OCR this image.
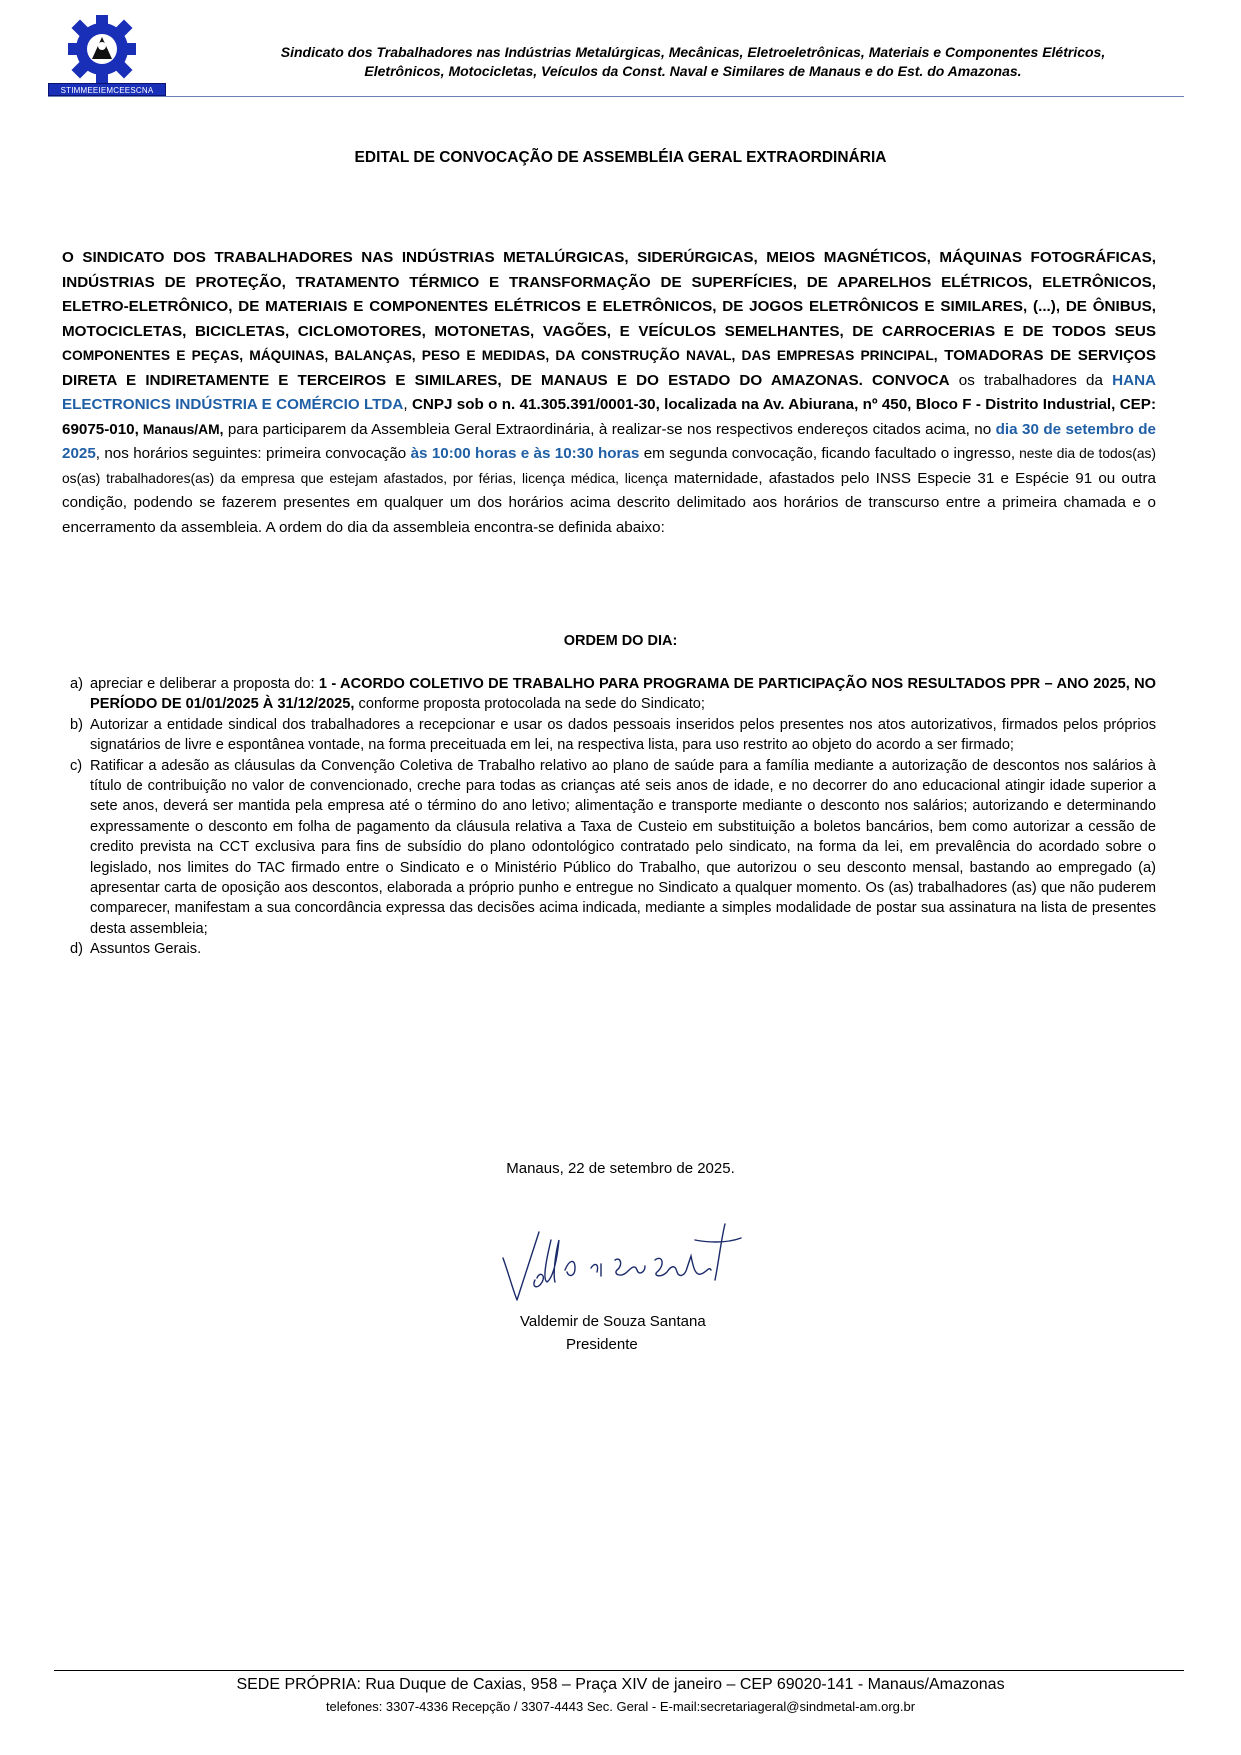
STIMMEEIEMCEESCNA
Sindicato dos Trabalhadores nas Indústrias Metalúrgicas, Mecânicas, Eletroeletrônicas, Materiais e Componentes Elétricos,
Eletrônicos, Motocicletas, Veículos da Const. Naval e Similares de Manaus e do Est. do Amazonas.
EDITAL DE CONVOCAÇÃO DE ASSEMBLÉIA GERAL EXTRAORDINÁRIA
O SINDICATO DOS TRABALHADORES NAS INDÚSTRIAS METALÚRGICAS, SIDERÚRGICAS, MEIOS MAGNÉTICOS, MÁQUINAS FOTOGRÁFICAS, INDÚSTRIAS DE PROTEÇÃO, TRATAMENTO TÉRMICO E TRANSFORMAÇÃO DE SUPERFÍCIES, DE APARELHOS ELÉTRICOS, ELETRÔNICOS, ELETRO-ELETRÔNICO, DE MATERIAIS E COMPONENTES ELÉTRICOS E ELETRÔNICOS, DE JOGOS ELETRÔNICOS E SIMILARES, (...), DE ÔNIBUS, MOTOCICLETAS, BICICLETAS, CICLOMOTORES, MOTONETAS, VAGÕES, E VEÍCULOS SEMELHANTES, DE CARROCERIAS E DE TODOS SEUS COMPONENTES E PEÇAS, MÁQUINAS, BALANÇAS, PESO E MEDIDAS, DA CONSTRUÇÃO NAVAL, DAS EMPRESAS PRINCIPAL, TOMADORAS DE SERVIÇOS DIRETA E INDIRETAMENTE E TERCEIROS E SIMILARES, DE MANAUS E DO ESTADO DO AMAZONAS. CONVOCA os trabalhadores da HANA ELECTRONICS INDÚSTRIA E COMÉRCIO LTDA, CNPJ sob o n. 41.305.391/0001-30, localizada na Av. Abiurana, nº 450, Bloco F - Distrito Industrial, CEP: 69075-010, Manaus/AM, para participarem da Assembleia Geral Extraordinária, à realizar-se nos respectivos endereços citados acima, no dia 30 de setembro de 2025, nos horários seguintes: primeira convocação às 10:00 horas e às 10:30 horas em segunda convocação, ficando facultado o ingresso, neste dia de todos(as) os(as) trabalhadores(as) da empresa que estejam afastados, por férias, licença médica, licença maternidade, afastados pelo INSS Especie 31 e Espécie 91 ou outra condição, podendo se fazerem presentes em qualquer um dos horários acima descrito delimitado aos horários de transcurso entre a primeira chamada e o encerramento da assembleia. A ordem do dia da assembleia encontra-se definida abaixo:
ORDEM DO DIA:
a) apreciar e deliberar a proposta do: 1 - ACORDO COLETIVO DE TRABALHO PARA PROGRAMA DE PARTICIPAÇÃO NOS RESULTADOS PPR – ANO 2025, NO PERÍODO DE 01/01/2025 À 31/12/2025, conforme proposta protocolada na sede do Sindicato;
b) Autorizar a entidade sindical dos trabalhadores a recepcionar e usar os dados pessoais inseridos pelos presentes nos atos autorizativos, firmados pelos próprios signatários de livre e espontânea vontade, na forma preceituada em lei, na respectiva lista, para uso restrito ao objeto do acordo a ser firmado;
c) Ratificar a adesão as cláusulas da Convenção Coletiva de Trabalho relativo ao plano de saúde para a família mediante a autorização de descontos nos salários à título de contribuição no valor de convencionado, creche para todas as crianças até seis anos de idade, e no decorrer do ano educacional atingir idade superior a sete anos, deverá ser mantida pela empresa até o término do ano letivo; alimentação e transporte mediante o desconto nos salários; autorizando e determinando expressamente o desconto em folha de pagamento da cláusula relativa a Taxa de Custeio em substituição a boletos bancários, bem como autorizar a cessão de credito prevista na CCT exclusiva para fins de subsídio do plano odontológico contratado pelo sindicato, na forma da lei, em prevalência do acordado sobre o legislado, nos limites do TAC firmado entre o Sindicato e o Ministério Público do Trabalho, que autorizou o seu desconto mensal, bastando ao empregado (a) apresentar carta de oposição aos descontos, elaborada a próprio punho e entregue no Sindicato a qualquer momento. Os (as) trabalhadores (as) que não puderem comparecer, manifestam a sua concordância expressa das decisões acima indicada, mediante a simples modalidade de postar sua assinatura na lista de presentes desta assembleia;
d) Assuntos Gerais.
Manaus, 22 de setembro de 2025.
Valdemir de Souza Santana
Presidente
SEDE PRÓPRIA: Rua Duque de Caxias, 958 – Praça XIV de janeiro – CEP 69020-141 - Manaus/Amazonas
telefones: 3307-4336 Recepção / 3307-4443 Sec. Geral - E-mail:secretariageral@sindmetal-am.org.br
